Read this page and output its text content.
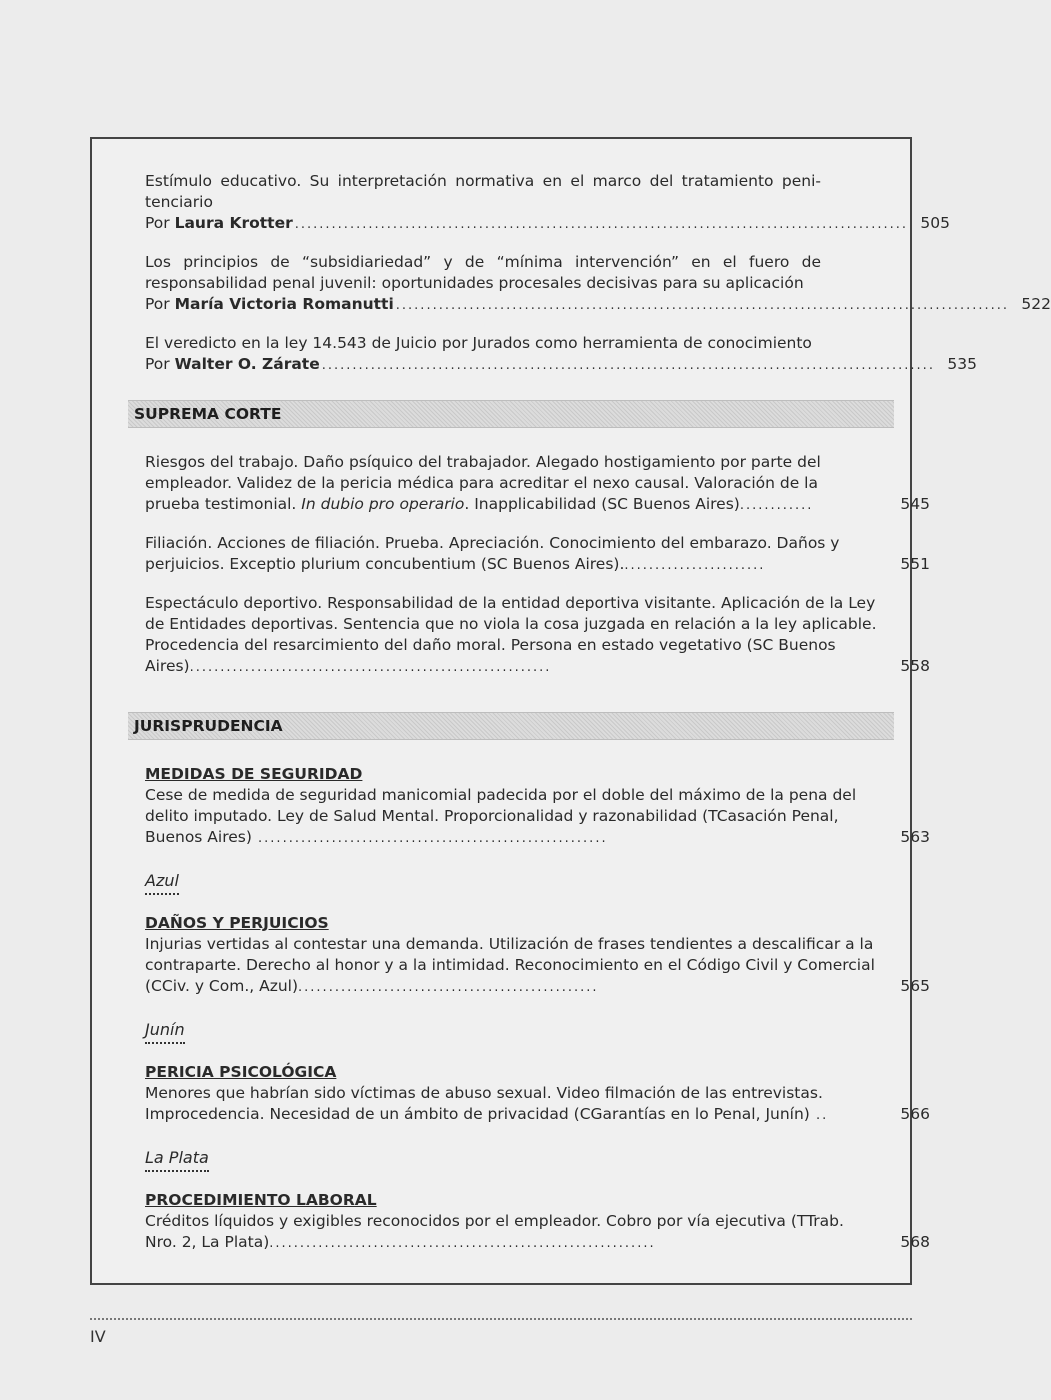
Estímulo educativo. Su interpretación normativa en el marco del tratamiento peni-tenciario

Por Laura Krotter .................................................................................................... 505

Los principios de “subsidiariedad” y de “mínima intervención” en el fuero de responsabilidad penal juvenil: oportunidades procesales decisivas para su aplicación

Por María Victoria Romanutti .................................................................................................... 522

El veredicto en la ley 14.543 de Juicio por Jurados como herramienta de conocimiento

Por Walter O. Zárate .................................................................................................... 535
SUPREMA CORTE
Riesgos del trabajo. Daño psíquico del trabajador. Alegado hostigamiento por parte del empleador. Validez de la pericia médica para acreditar el nexo causal. Valoración de la prueba testimonial. In dubio pro operario. Inapplicabilidad (SC Buenos Aires)............	545
Filiación. Acciones de filiación. Prueba. Apreciación. Conocimiento del embarazo. Daños y perjuicios. Exceptio plurium concubentium (SC Buenos Aires)........................	551
Espectáculo deportivo. Responsabilidad de la entidad deportiva visitante. Aplicación de la Ley de Entidades deportivas. Sentencia que no viola la cosa juzgada en relación a la ley aplicable. Procedencia del resarcimiento del daño moral. Persona en estado vegetativo (SC Buenos Aires)...........................................................	558
JURISPRUDENCIA
MEDIDAS DE SEGURIDAD
Cese de medida de seguridad manicomial padecida por el doble del máximo de la pena del delito imputado. Ley de Salud Mental. Proporcionalidad y razonabilidad (TCasación Penal, Buenos Aires) .........................................................	563
Azul
DAÑOS Y PERJUICIOS
Injurias vertidas al contestar una demanda. Utilización de frases tendientes a descalificar a la contraparte. Derecho al honor y a la intimidad. Reconocimiento en el Código Civil y Comercial (CCiv. y Com., Azul).................................................	565
Junín
PERICIA PSICOLÓGICA
Menores que habrían sido víctimas de abuso sexual. Video filmación de las entrevistas. Improcedencia. Necesidad de un ámbito de privacidad (CGarantías en lo Penal, Junín) ..	566
La Plata
PROCEDIMIENTO LABORAL
Créditos líquidos y exigibles reconocidos por el empleador. Cobro por vía ejecutiva (TTrab. Nro. 2, La Plata)...............................................................	568
IV
